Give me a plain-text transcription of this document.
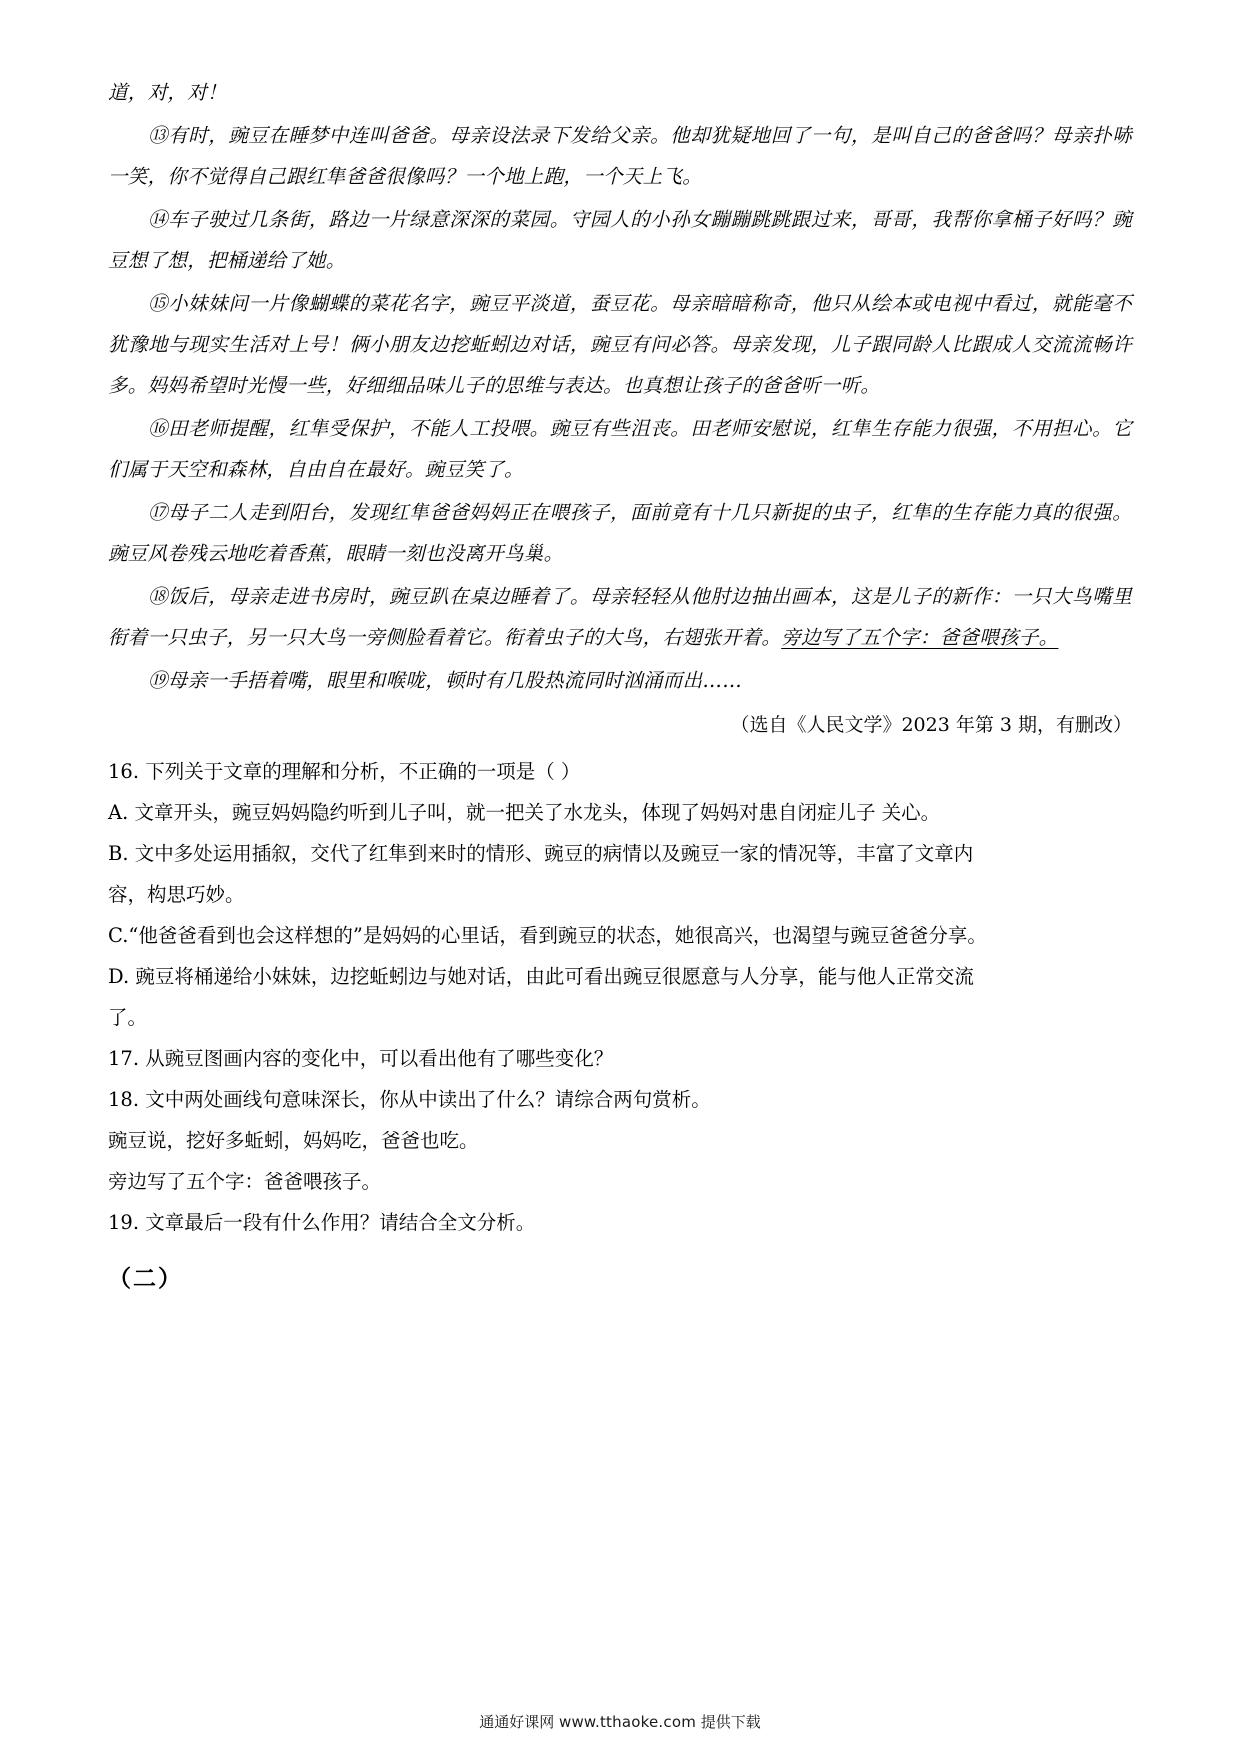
道，对，对！

⑬有时，豌豆在睡梦中连叫爸爸。母亲设法录下发给父亲。他却犹疑地回了一句，是叫自己的爸爸吗？母亲扑哧一笑，你不觉得自己跟红隼爸爸很像吗？一个地上跑，一个天上飞。

⑭车子驶过几条街，路边一片绿意深深的菜园。守园人的小孙女蹦蹦跳跳跟过来，哥哥，我帮你拿桶子好吗？豌豆想了想，把桶递给了她。

⑮小妹妹问一片像蝴蝶的菜花名字，豌豆平淡道，蚕豆花。母亲暗暗称奇，他只从绘本或电视中看过，就能毫不犹豫地与现实生活对上号！俩小朋友边挖蚯蚓边对话，豌豆有问必答。母亲发现，儿子跟同龄人比跟成人交流流畅许多。妈妈希望时光慢一些，好细细品味儿子的思维与表达。也真想让孩子的爸爸听一听。

⑯田老师提醒，红隼受保护，不能人工投喂。豌豆有些沮丧。田老师安慰说，红隼生存能力很强，不用担心。它们属于天空和森林，自由自在最好。豌豆笑了。

⑰母子二人走到阳台，发现红隼爸爸妈妈正在喂孩子，面前竟有十几只新捉的虫子，红隼的生存能力真的很强。豌豆风卷残云地吃着香蕉，眼睛一刻也没离开鸟巢。

⑱饭后，母亲走进书房时，豌豆趴在桌边睡着了。母亲轻轻从他肘边抽出画本，这是儿子的新作：一只大鸟嘴里衔着一只虫子，另一只大鸟一旁侧脸看着它。衔着虫子的大鸟，右翅张开着。旁边写了五个字：爸爸喂孩子。

⑲母亲一手捂着嘴，眼里和喉咙，顿时有几股热流同时汹涌而出……

（选自《人民文学》2023 年第 3 期，有删改）

16. 下列关于文章的理解和分析，不正确的一项是（ ）

A. 文章开头，豌豆妈妈隐约听到儿子叫，就一把关了水龙头，体现了妈妈对患自闭症儿子 关心。

B. 文中多处运用插叙，交代了红隼到来时的情形、豌豆的病情以及豌豆一家的情况等，丰富了文章内

容，构思巧妙。

C.“他爸爸看到也会这样想的”是妈妈的心里话，看到豌豆的状态，她很高兴，也渴望与豌豆爸爸分享。

D. 豌豆将桶递给小妹妹，边挖蚯蚓边与她对话，由此可看出豌豆很愿意与人分享，能与他人正常交流

了。

17. 从豌豆图画内容的变化中，可以看出他有了哪些变化？

18. 文中两处画线句意味深长，你从中读出了什么？请综合两句赏析。

豌豆说，挖好多蚯蚓，妈妈吃，爸爸也吃。

旁边写了五个字：爸爸喂孩子。

19. 文章最后一段有什么作用？请结合全文分析。

（二）

通通好课网 www.tthaoke.com 提供下载
